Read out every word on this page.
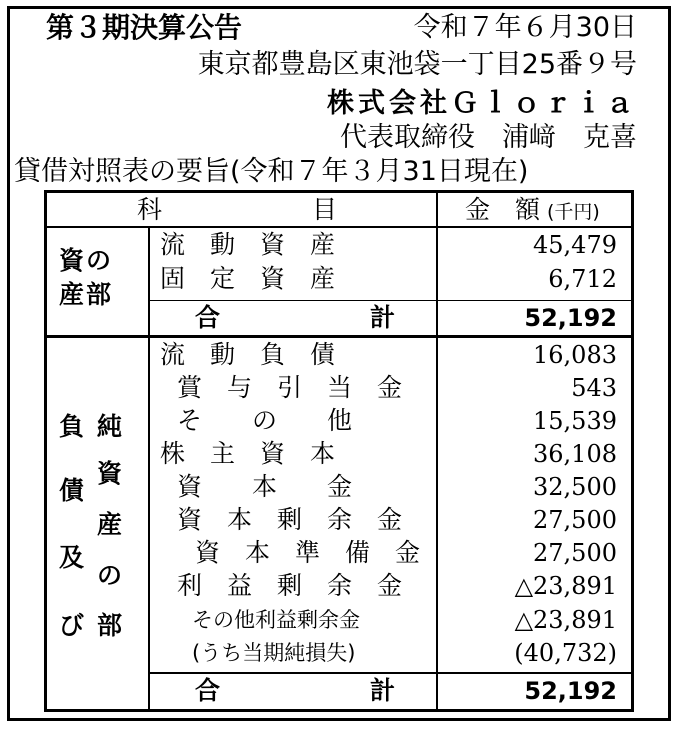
第３期決算公告	令和７年６月30日
東京都豊島区東池袋一丁目25番９号
株式会社Ｇｌｏｒｉａ
代表取締役　浦﨑　克喜
貸借対照表の要旨(令和７年３月31日現在)
科　　　　　　目	金　額 (千円)
資の
産部
流　動　資　産	45,479
固　定　資　産	6,712
合　　　　　　計	52,192
負
債
及
び
純
資
産
の
部
流　動　負　債	16,083
賞　与　引　当　金	543
そ　　の　　他	15,539
株　主　資　本	36,108
資　　本　　金	32,500
資　本　剰　余　金	27,500
資　本　準　備　金	27,500
利　益　剰　余　金	△23,891
その他利益剰余金	△23,891
(うち当期純損失)	(40,732)
合　　　　　　計	52,192
